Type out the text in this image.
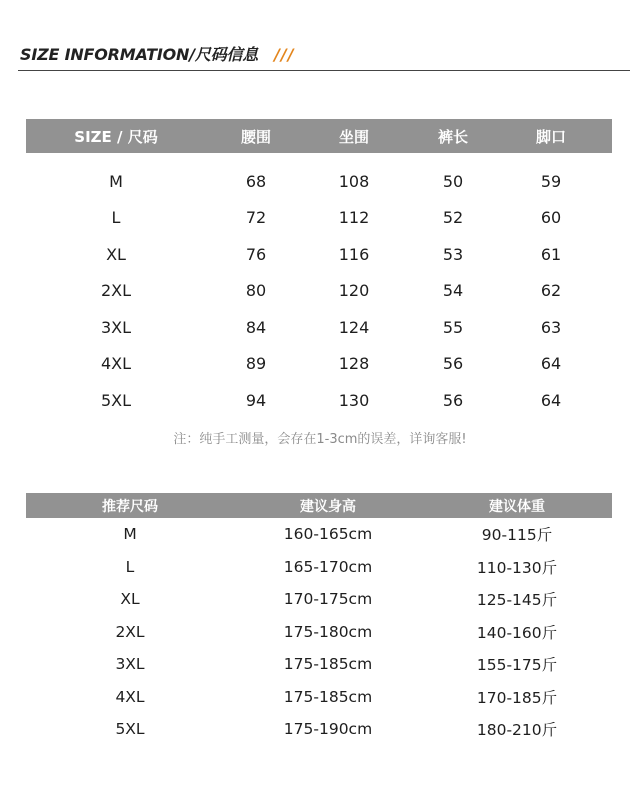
SIZE INFORMATION/尺码信息 ///
SIZE / 尺码	腰围	坐围	裤长	脚口
M	68	108	50	59
L	72	112	52	60
XL	76	116	53	61
2XL	80	120	54	62
3XL	84	124	55	63
4XL	89	128	56	64
5XL	94	130	56	64
注：纯手工测量，会存在1-3cm的误差，详询客服!
推荐尺码	建议身高	建议体重
M	160-165cm	90-115斤
L	165-170cm	110-130斤
XL	170-175cm	125-145斤
2XL	175-180cm	140-160斤
3XL	175-185cm	155-175斤
4XL	175-185cm	170-185斤
5XL	175-190cm	180-210斤
